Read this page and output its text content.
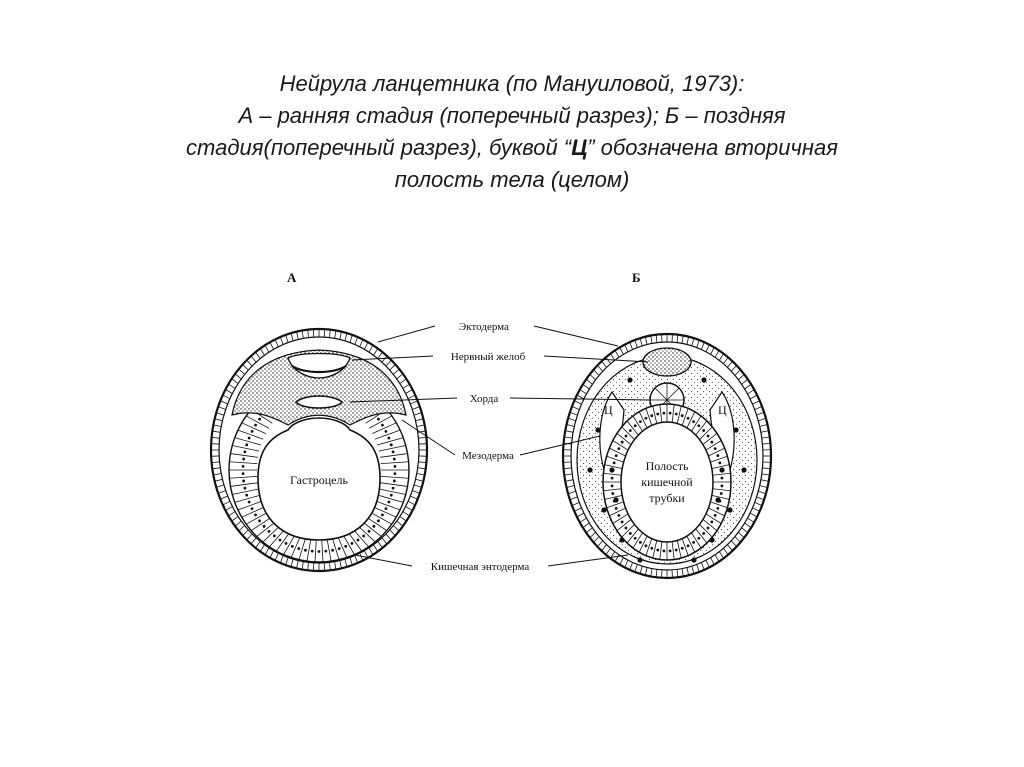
Нейрула ланцетника (по Мануиловой, 1973):
А – ранняя стадия (поперечный разрез); Б – поздняя
стадия(поперечный разрез), буквой “Ц” обозначена вторичная
полость тела (целом)
А	Б
Гастроцель
Ц	Ц
Полость
кишечной
трубки
Эктодерма
Нервный желоб
Хорда
Мезодерма
Кишечная энтодерма
